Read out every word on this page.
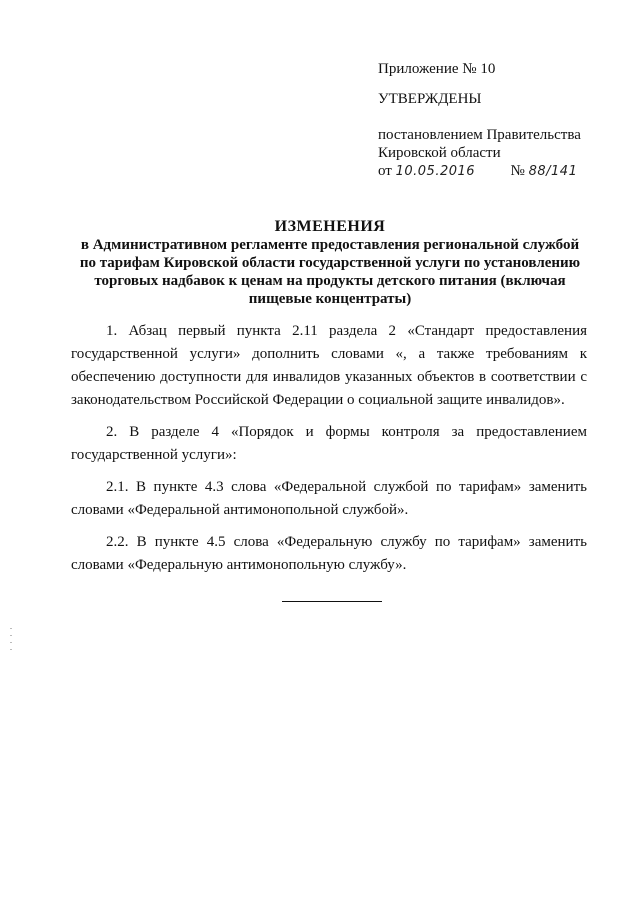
Приложение № 10
УТВЕРЖДЕНЫ
постановлением Правительства
Кировской области
от 10.05.2016 № 88/141
ИЗМЕНЕНИЯ
в Административном регламенте предоставления региональной службой
по тарифам Кировской области государственной услуги по установлению
торговых надбавок к ценам на продукты детского питания (включая
пищевые концентраты)

1. Абзац первый пункта 2.11 раздела 2 «Стандарт предоставления государственной услуги» дополнить словами «, а также требованиям к обеспечению доступности для инвалидов указанных объектов в соответствии с законодательством Российской Федерации о социальной защите инвалидов».

2. В разделе 4 «Порядок и формы контроля за предоставлением государственной услуги»:

2.1. В пункте 4.3 слова «Федеральной службой по тарифам» заменить словами «Федеральной антимонопольной службой».

2.2. В пункте 4.5 слова «Федеральную службу по тарифам» заменить словами «Федеральную антимонопольную службу».
